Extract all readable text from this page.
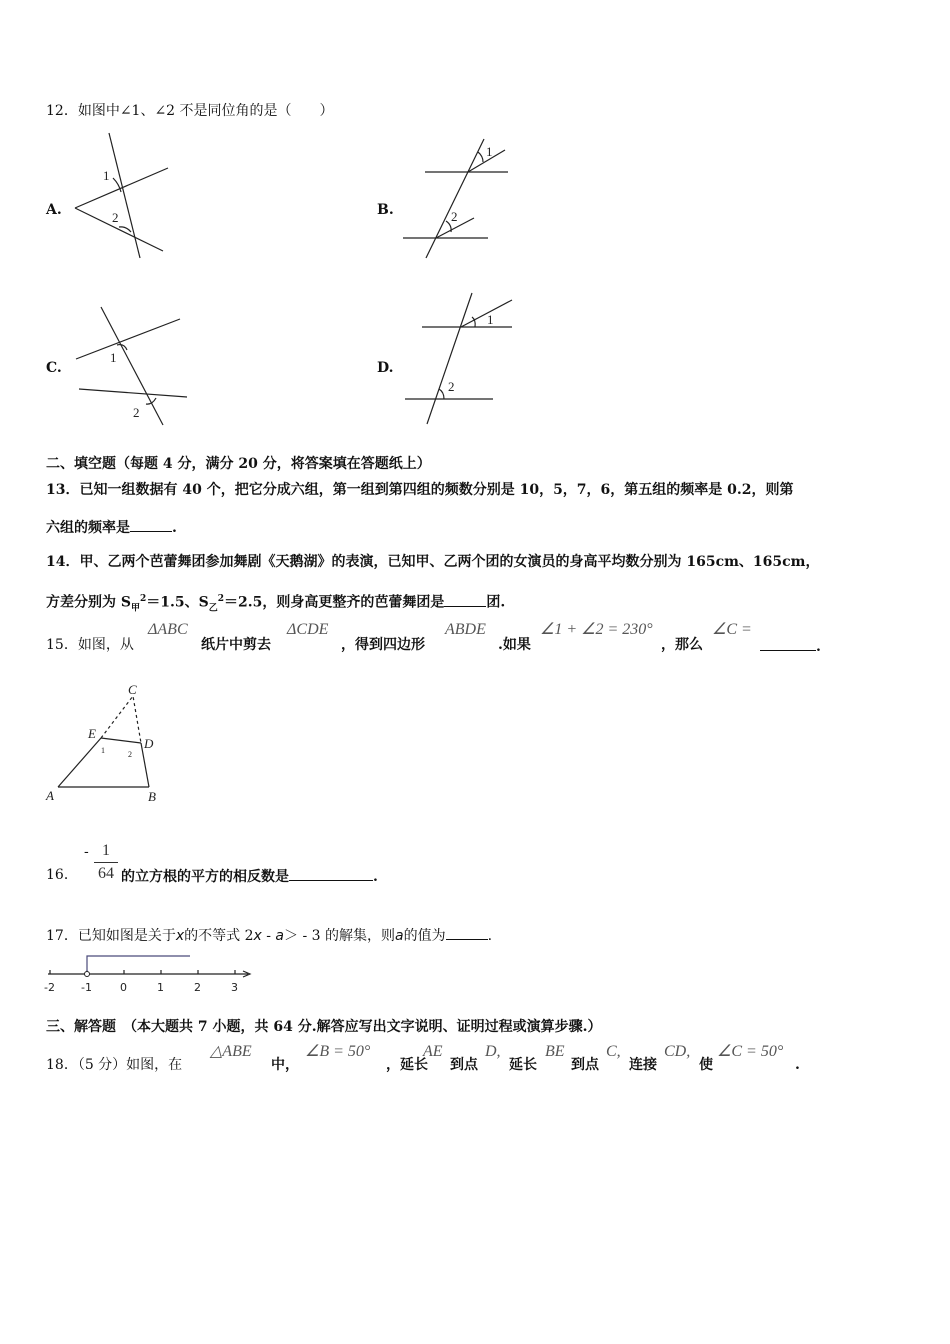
12．如图中∠1、∠2 不是同位角的是（　　）
A.
1
2	B.
1
2
C.
1
2
D.
1
2
二、填空题（每题 4 分，满分 20 分，将答案填在答题纸上）
13．已知一组数据有 40 个，把它分成六组，第一组到第四组的频数分别是 10，5，7，6，第五组的频率是 0.2，则第
六组的频率是	.
14．甲、乙两个芭蕾舞团参加舞剧《天鹅湖》的表演，已知甲、乙两个团的女演员的身高平均数分别为 165cm、165cm，
方差分别为 $S_甲^2=1.5$、$S_乙^2=2.5$，则身高更整齐的芭蕾舞团是	团.
15．如图，从
ΔABC
纸片中剪去
ΔCDE
，得到四边形
ABDE
.如果
∠1 + ∠2 = 230°
，那么
∠C =
.
C
E
D
A	B
1	2
16．
- 1
64 的立方根的平方的相反数是	.
17．已知如图是关于x的不等式 2x - a＞ - 3 的解集，则a的值为	.
-2 -1	0	1	2	3
三、解答题　（本大题共 7 小题，共 64 分.解答应写出文字说明、证明过程或演算步骤.）
18．（5 分）如图，在
△ABE
中，
∠B = 50°
，延长
AE
到点
D,
延长
BE
到点
C,
连接
CD,
使
∠C = 50°
.
